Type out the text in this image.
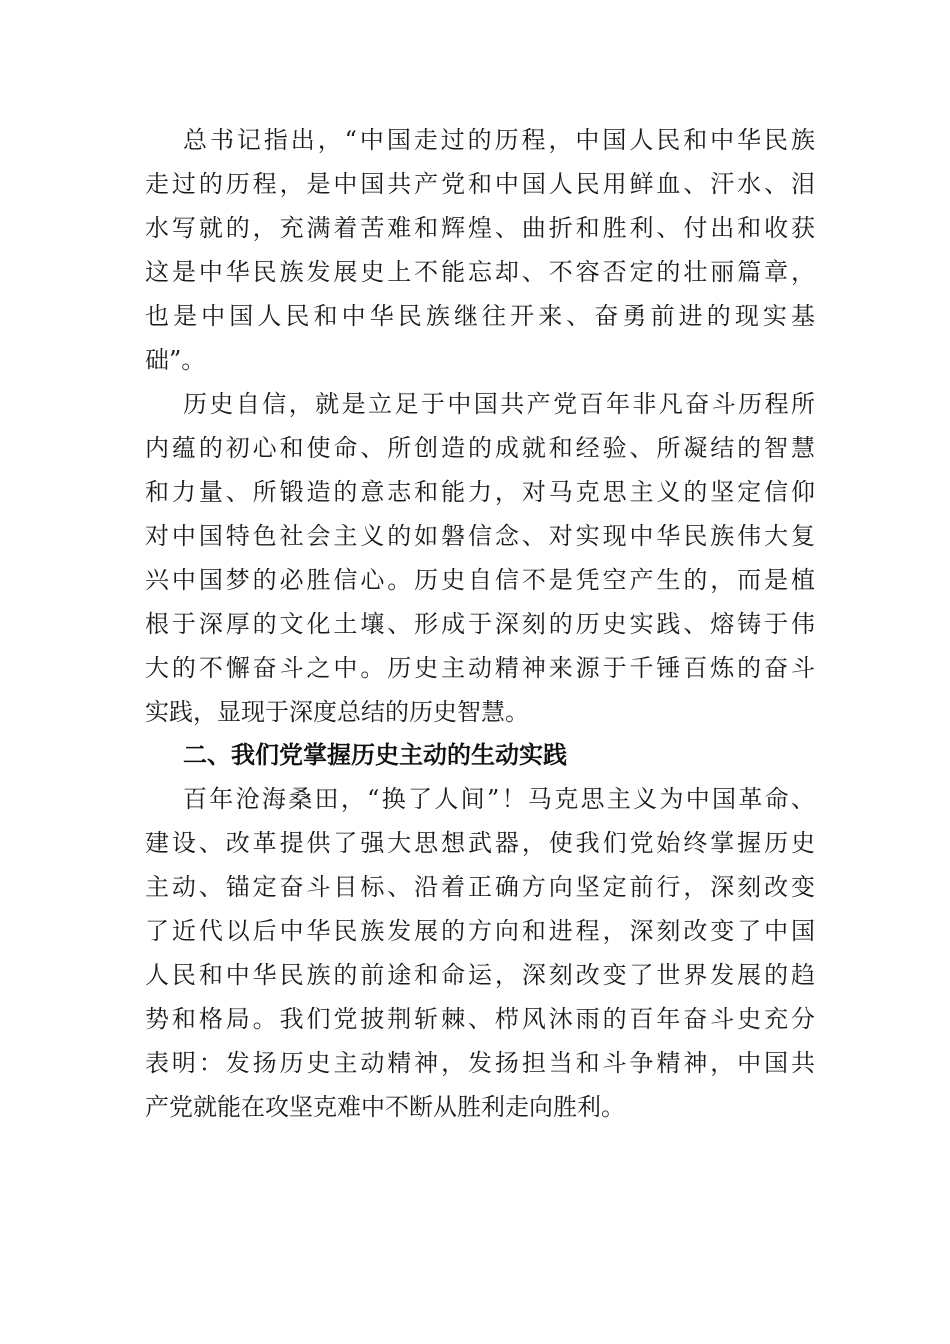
总书记指出，“中国走过的历程，中国人民和中华民族
走过的历程，是中国共产党和中国人民用鲜血、汗水、泪
水写就的，充满着苦难和辉煌、曲折和胜利、付出和收获
这是中华民族发展史上不能忘却、不容否定的壮丽篇章，
也是中国人民和中华民族继往开来、奋勇前进的现实基
础”。
历史自信，就是立足于中国共产党百年非凡奋斗历程所
内蕴的初心和使命、所创造的成就和经验、所凝结的智慧
和力量、所锻造的意志和能力，对马克思主义的坚定信仰
对中国特色社会主义的如磐信念、对实现中华民族伟大复
兴中国梦的必胜信心。历史自信不是凭空产生的，而是植
根于深厚的文化土壤、形成于深刻的历史实践、熔铸于伟
大的不懈奋斗之中。历史主动精神来源于千锤百炼的奋斗
实践，显现于深度总结的历史智慧。
二、我们党掌握历史主动的生动实践
百年沧海桑田，“换了人间”！马克思主义为中国革命、
建设、改革提供了强大思想武器，使我们党始终掌握历史
主动、锚定奋斗目标、沿着正确方向坚定前行，深刻改变
了近代以后中华民族发展的方向和进程，深刻改变了中国
人民和中华民族的前途和命运，深刻改变了世界发展的趋
势和格局。我们党披荆斩棘、栉风沐雨的百年奋斗史充分
表明：发扬历史主动精神，发扬担当和斗争精神，中国共
产党就能在攻坚克难中不断从胜利走向胜利。
